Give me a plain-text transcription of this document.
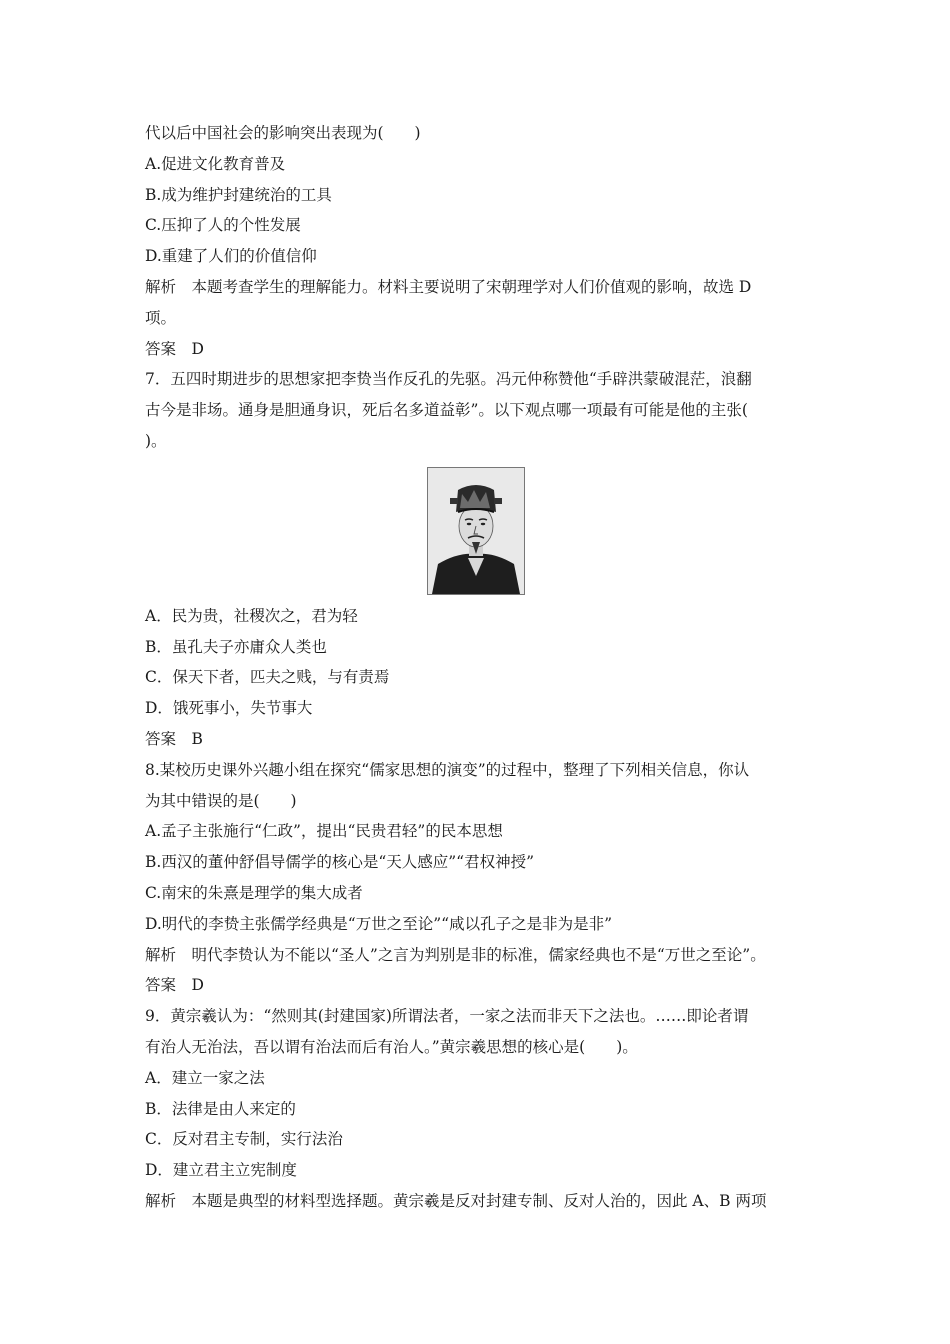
代以后中国社会的影响突出表现为(　　)
A.促进文化教育普及
B.成为维护封建统治的工具
C.压抑了人的个性发展
D.重建了人们的价值信仰
解析　本题考查学生的理解能力。材料主要说明了宋朝理学对人们价值观的影响，故选 D
项。
答案　D
7．五四时期进步的思想家把李贽当作反孔的先驱。冯元仲称赞他“手辟洪蒙破混茫，浪翻
古今是非场。通身是胆通身识，死后名多道益彰”。以下观点哪一项最有可能是他的主张(
)。
A．民为贵，社稷次之，君为轻
B．虽孔夫子亦庸众人类也
C．保天下者，匹夫之贱，与有责焉
D．饿死事小，失节事大
答案　B
8.某校历史课外兴趣小组在探究“儒家思想的演变”的过程中，整理了下列相关信息，你认
为其中错误的是(　　)
A.孟子主张施行“仁政”，提出“民贵君轻”的民本思想
B.西汉的董仲舒倡导儒学的核心是“天人感应”“君权神授”
C.南宋的朱熹是理学的集大成者
D.明代的李贽主张儒学经典是“万世之至论”“咸以孔子之是非为是非”
解析　明代李贽认为不能以“圣人”之言为判别是非的标准，儒家经典也不是“万世之至论”。
答案　D
9．黄宗羲认为：“然则其(封建国家)所谓法者，一家之法而非天下之法也。……即论者谓
有治人无治法，吾以谓有治法而后有治人。”黄宗羲思想的核心是(　　)。
A．建立一家之法
B．法律是由人来定的
C．反对君主专制，实行法治
D．建立君主立宪制度
解析　本题是典型的材料型选择题。黄宗羲是反对封建专制、反对人治的，因此 A、B 两项
